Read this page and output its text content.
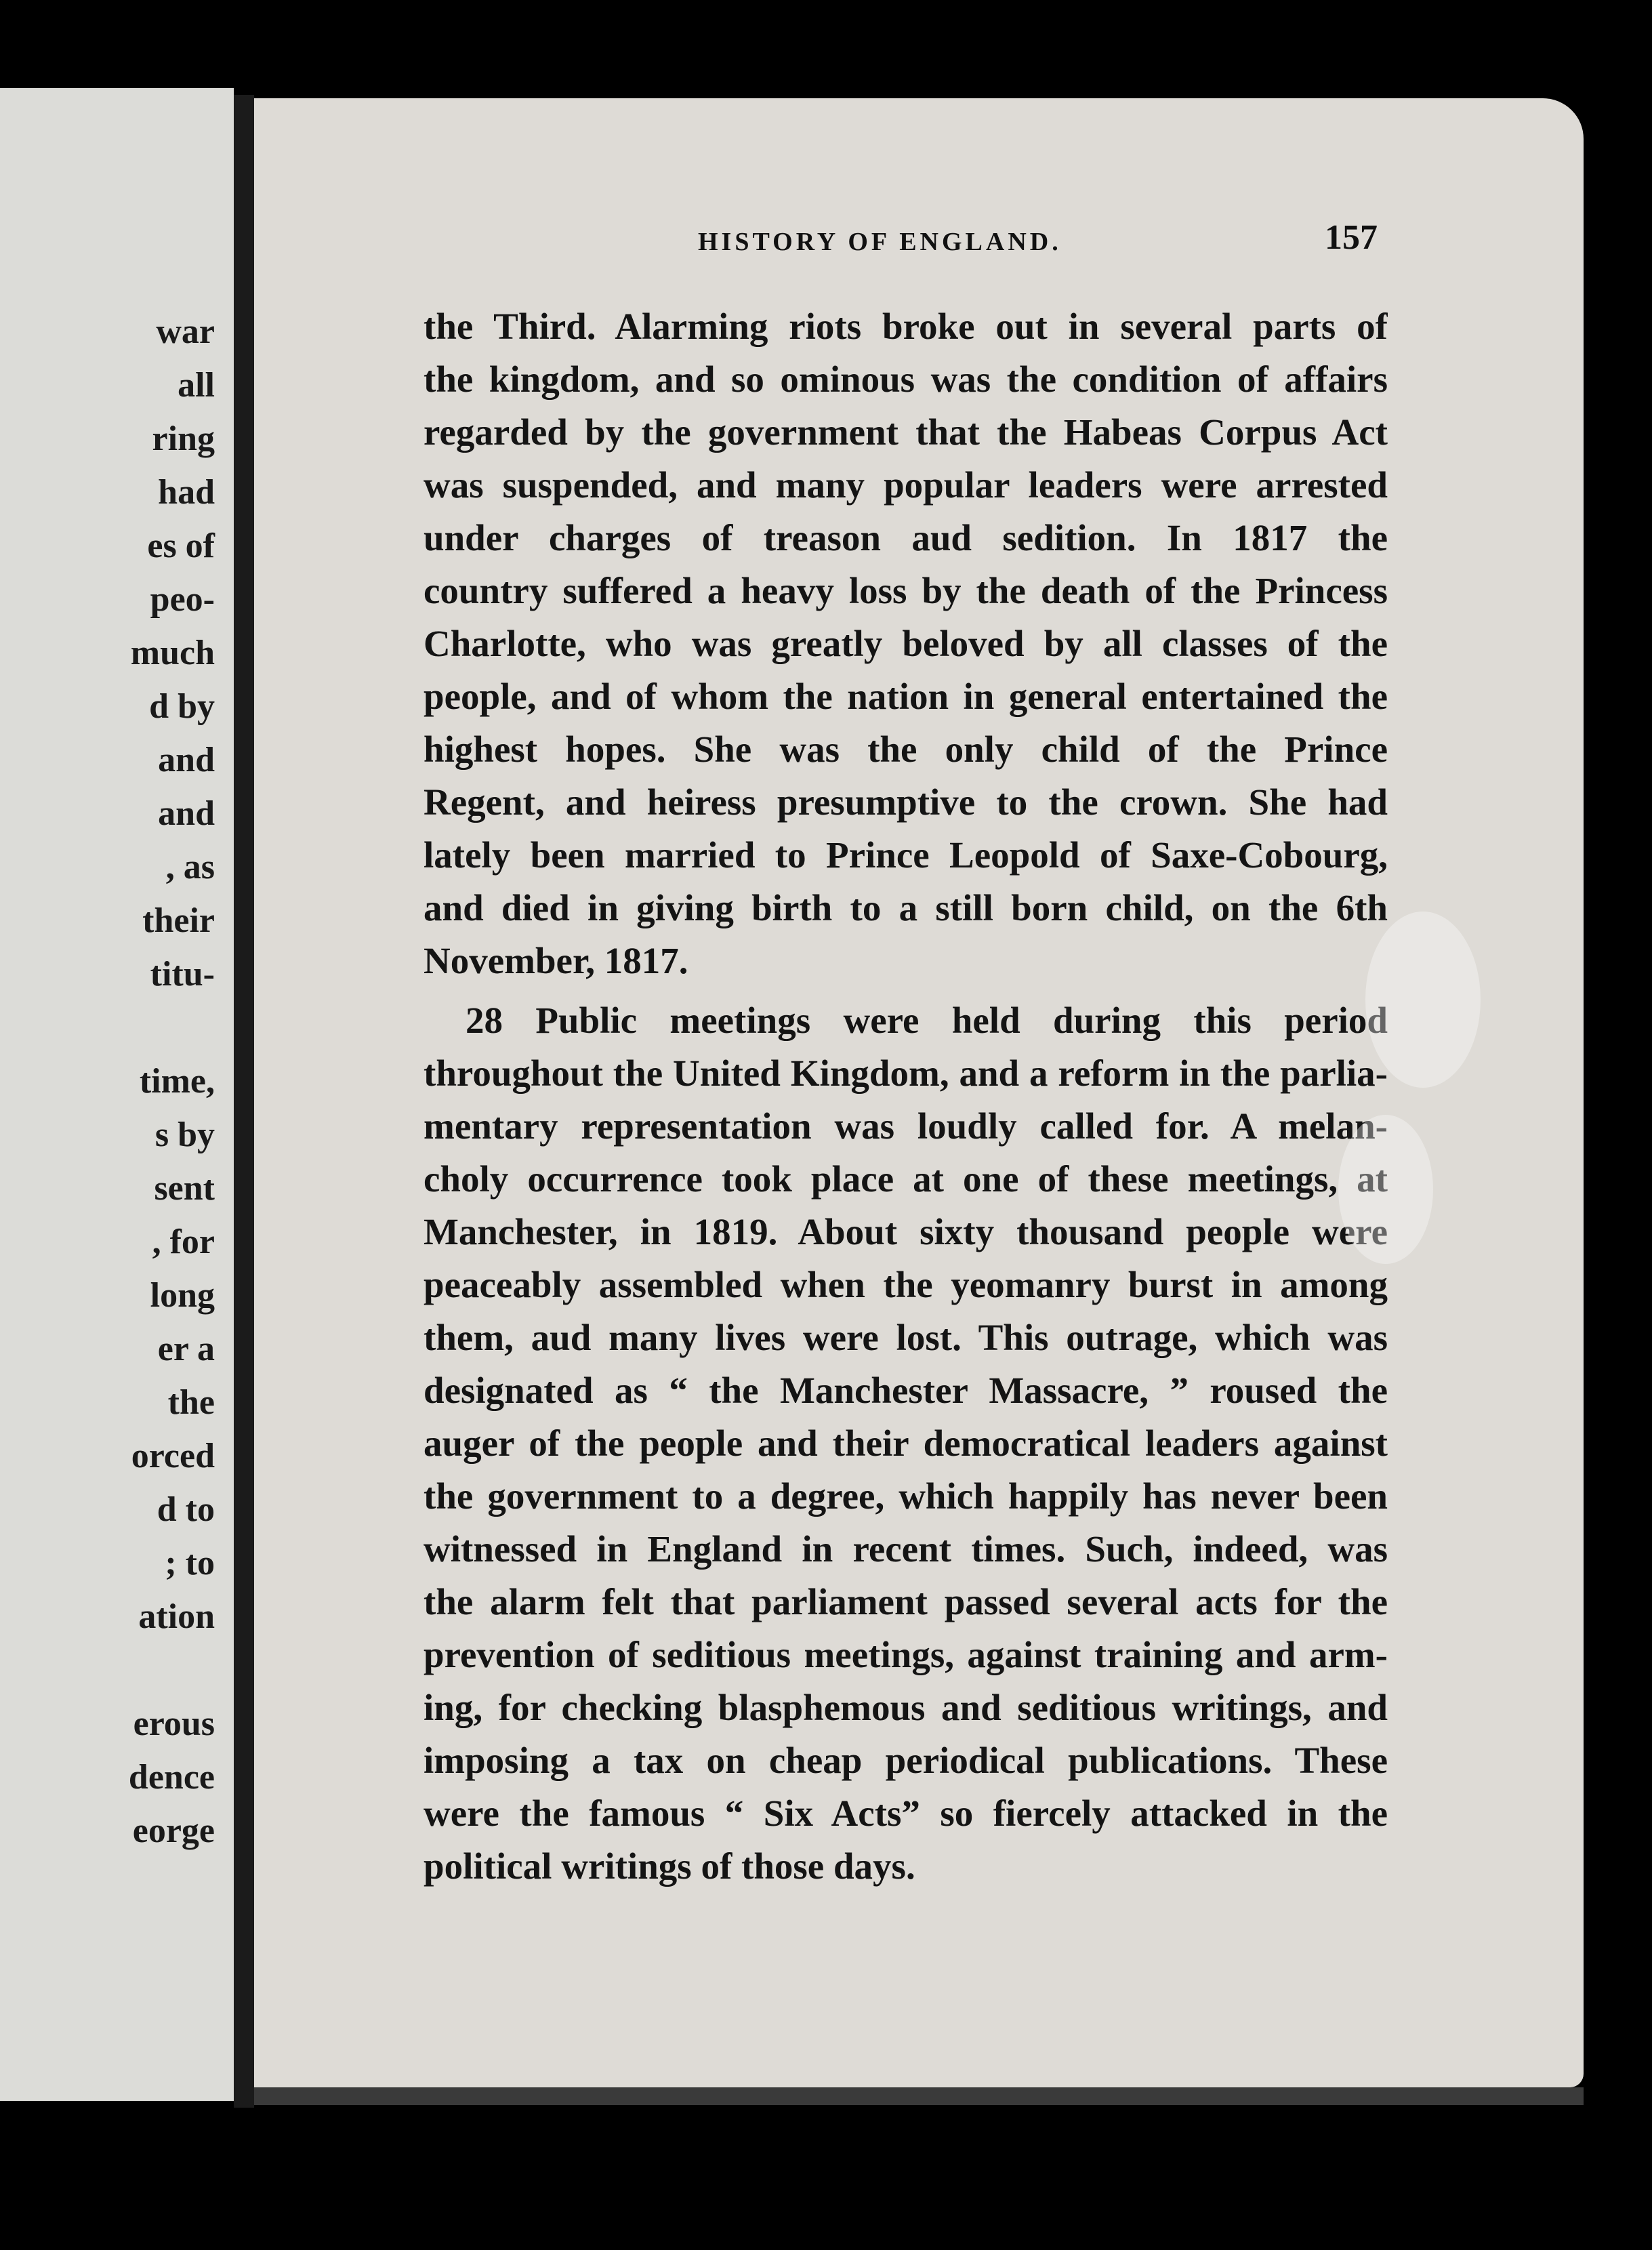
war
all
ring
had
es of
peo-
much
d by
and
and
, as
their
titu-
time,
s by
sent
, for
long
er a
the
orced
d to
; to
ation
erous
dence
eorge
HISTORY OF ENGLAND.	157
the Third. Alarming riots broke out in several parts of
the kingdom, and so ominous was the condition of affairs
regarded by the government that the Habeas Corpus Act
was suspended, and many popular leaders were arrested
under charges of treason aud sedition. In 1817 the
country suffered a heavy loss by the death of the Princess
Charlotte, who was greatly beloved by all classes of the
people, and of whom the nation in general entertained the
highest hopes. She was the only child of the Prince
Regent, and heiress presumptive to the crown. She had
lately been married to Prince Leopold of Saxe-Cobourg,
and died in giving birth to a still born child, on the 6th
November, 1817.
28 Public meetings were held during this period
throughout the United Kingdom, and a reform in the parlia-
mentary representation was loudly called for. A melan-
choly occurrence took place at one of these meetings, at
Manchester, in 1819. About sixty thousand people were
peaceably assembled when the yeomanry burst in among
them, aud many lives were lost. This outrage, which was
designated as “ the Manchester Massacre, ” roused the
auger of the people and their democratical leaders against
the government to a degree, which happily has never been
witnessed in England in recent times. Such, indeed, was
the alarm felt that parliament passed several acts for the
prevention of seditious meetings, against training and arm-
ing, for checking blasphemous and seditious writings, and
imposing a tax on cheap periodical publications. These
were the famous “ Six Acts” so fiercely attacked in the
political writings of those days.
